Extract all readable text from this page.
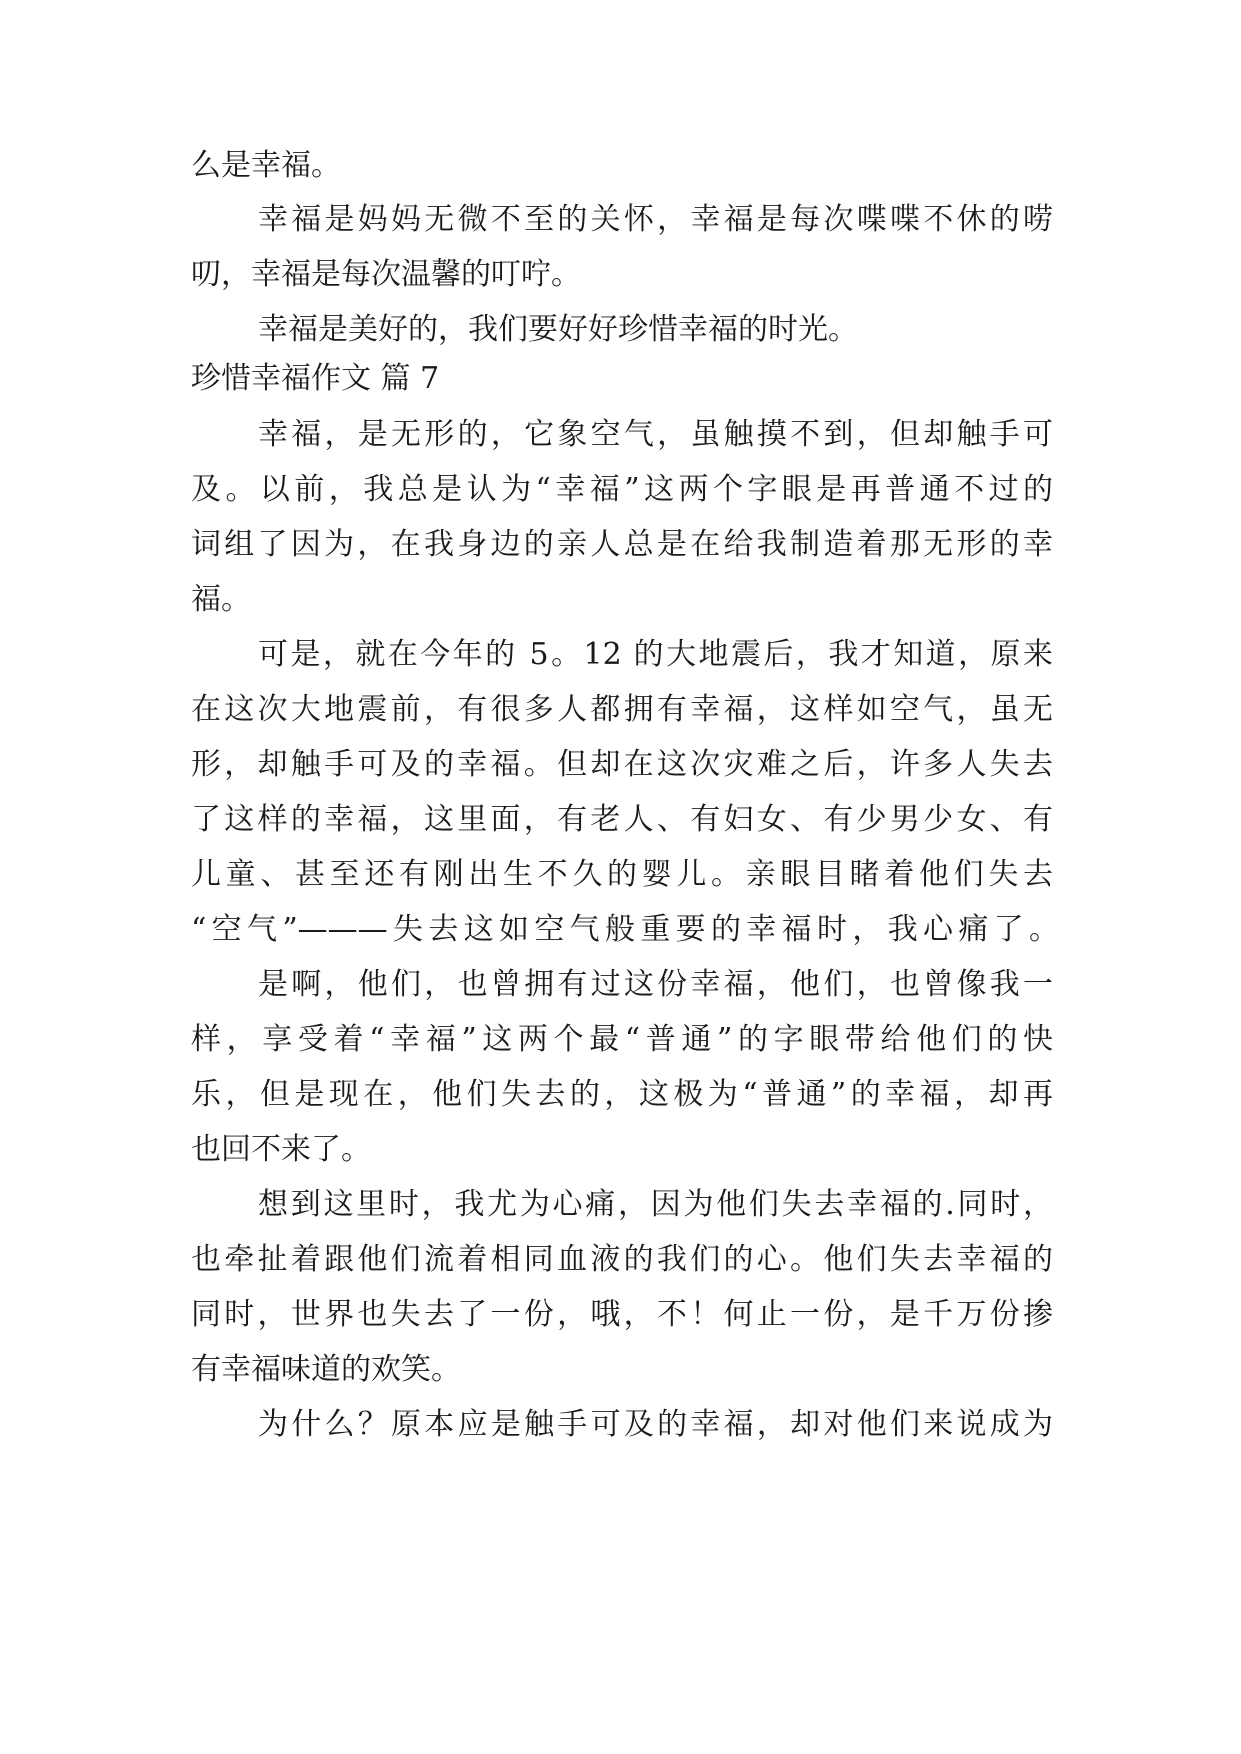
么是幸福。
幸福是妈妈无微不至的关怀，幸福是每次喋喋不休的唠
叨，幸福是每次温馨的叮咛。
幸福是美好的，我们要好好珍惜幸福的时光。
珍惜幸福作文 篇 7
幸福，是无形的，它象空气，虽触摸不到，但却触手可
及。以前，我总是认为“幸福”这两个字眼是再普通不过的
词组了因为，在我身边的亲人总是在给我制造着那无形的幸
福。
可是，就在今年的 5。12 的大地震后，我才知道，原来
在这次大地震前，有很多人都拥有幸福，这样如空气，虽无
形，却触手可及的幸福。但却在这次灾难之后，许多人失去
了这样的幸福，这里面，有老人、有妇女、有少男少女、有
儿童、甚至还有刚出生不久的婴儿。亲眼目睹着他们失去
“空气”———失去这如空气般重要的幸福时，我心痛了。
是啊，他们，也曾拥有过这份幸福，他们，也曾像我一
样，享受着“幸福”这两个最“普通”的字眼带给他们的快
乐，但是现在，他们失去的，这极为“普通”的幸福，却再
也回不来了。
想到这里时，我尤为心痛，因为他们失去幸福的.同时，
也牵扯着跟他们流着相同血液的我们的心。他们失去幸福的
同时，世界也失去了一份，哦，不！何止一份，是千万份掺
有幸福味道的欢笑。
为什么？原本应是触手可及的幸福，却对他们来说成为
